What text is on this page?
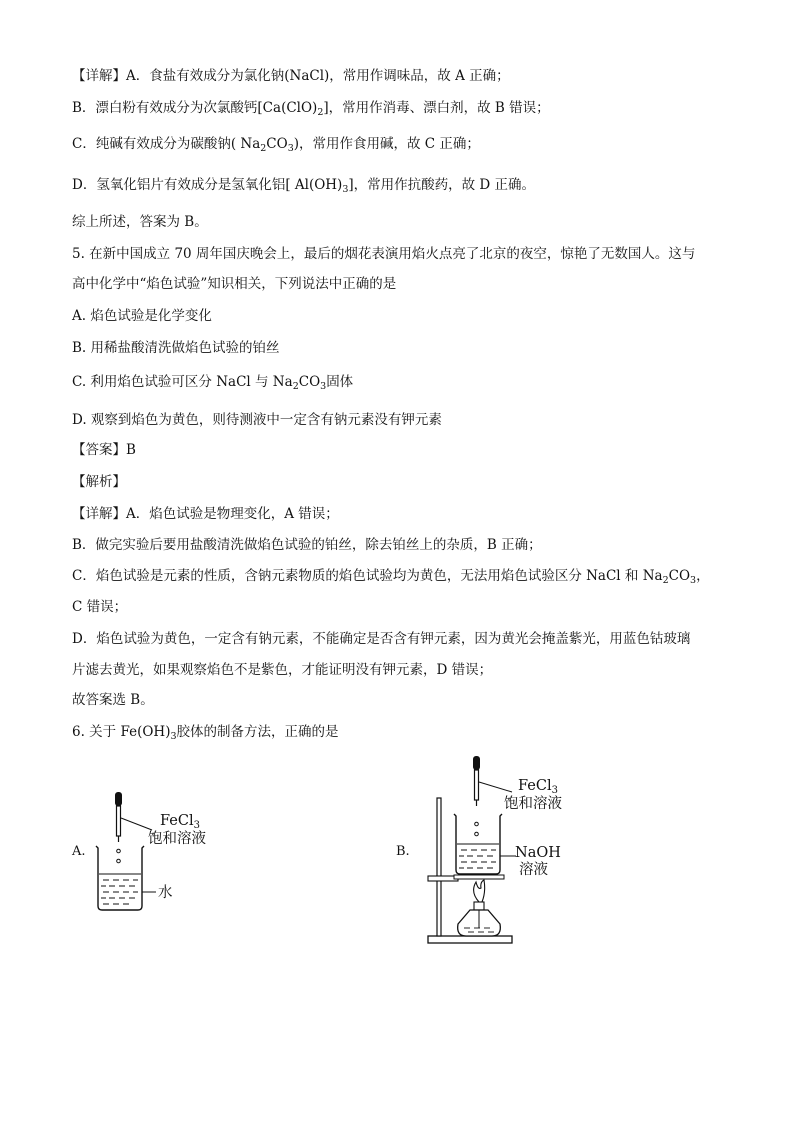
【详解】A．食盐有效成分为氯化钠(NaCl)，常用作调味品，故 A 正确；
B．漂白粉有效成分为次氯酸钙$[Ca(ClO)_2]$，常用作消毒、漂白剂，故 B 错误；
C．纯碱有效成分为碳酸钠( $Na_2CO_3$)，常用作食用碱，故 C 正确；
D．氢氧化铝片有效成分是氢氧化铝[ $Al(OH)_3$]，常用作抗酸药，故 D 正确。
综上所述，答案为 B。
5. 在新中国成立 70 周年国庆晚会上，最后的烟花表演用焰火点亮了北京的夜空，惊艳了无数国人。这与
高中化学中“焰色试验”知识相关，下列说法中正确的是
A. 焰色试验是化学变化
B. 用稀盐酸清洗做焰色试验的铂丝
C. 利用焰色试验可区分 NaCl 与 $Na_2CO_3$固体
D. 观察到焰色为黄色，则待测液中一定含有钠元素没有钾元素
【答案】B
【解析】
【详解】A．焰色试验是物理变化，A 错误；
B．做完实验后要用盐酸清洗做焰色试验的铂丝，除去铂丝上的杂质，B 正确；
C．焰色试验是元素的性质，含钠元素物质的焰色试验均为黄色，无法用焰色试验区分 NaCl 和 $Na_2CO_3$，
C 错误；
D．焰色试验为黄色，一定含有钠元素，不能确定是否含有钾元素，因为黄光会掩盖紫光，用蓝色钴玻璃
片滤去黄光，如果观察焰色不是紫色，才能证明没有钾元素，D 错误；
故答案选 B。
6. 关于 $Fe(OH)_3$胶体的制备方法，正确的是
A.
FeCl$_3$
饱和溶液
水
B.
FeCl$_3$
饱和溶液
NaOH
溶液
